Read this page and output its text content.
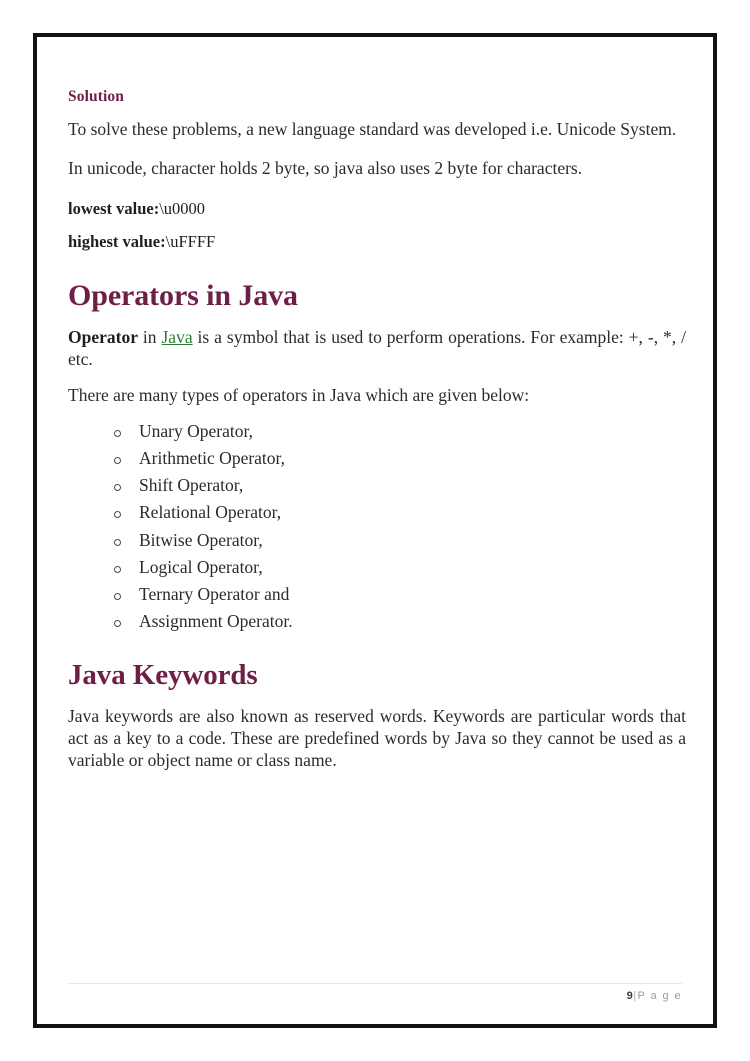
Solution

To solve these problems, a new language standard was developed i.e. Unicode System.

In unicode, character holds 2 byte, so java also uses 2 byte for characters.

lowest value:\u0000

highest value:\uFFFF

Operators in Java

Operator in Java is a symbol that is used to perform operations. For example: +, -, *, / etc.

There are many types of operators in Java which are given below:

Unary Operator,
Arithmetic Operator,
Shift Operator,
Relational Operator,
Bitwise Operator,
Logical Operator,
Ternary Operator and
Assignment Operator.
Java Keywords

Java keywords are also known as reserved words. Keywords are particular words that act as a key to a code. These are predefined words by Java so they cannot be used as a variable or object name or class name.

9|P a g e
